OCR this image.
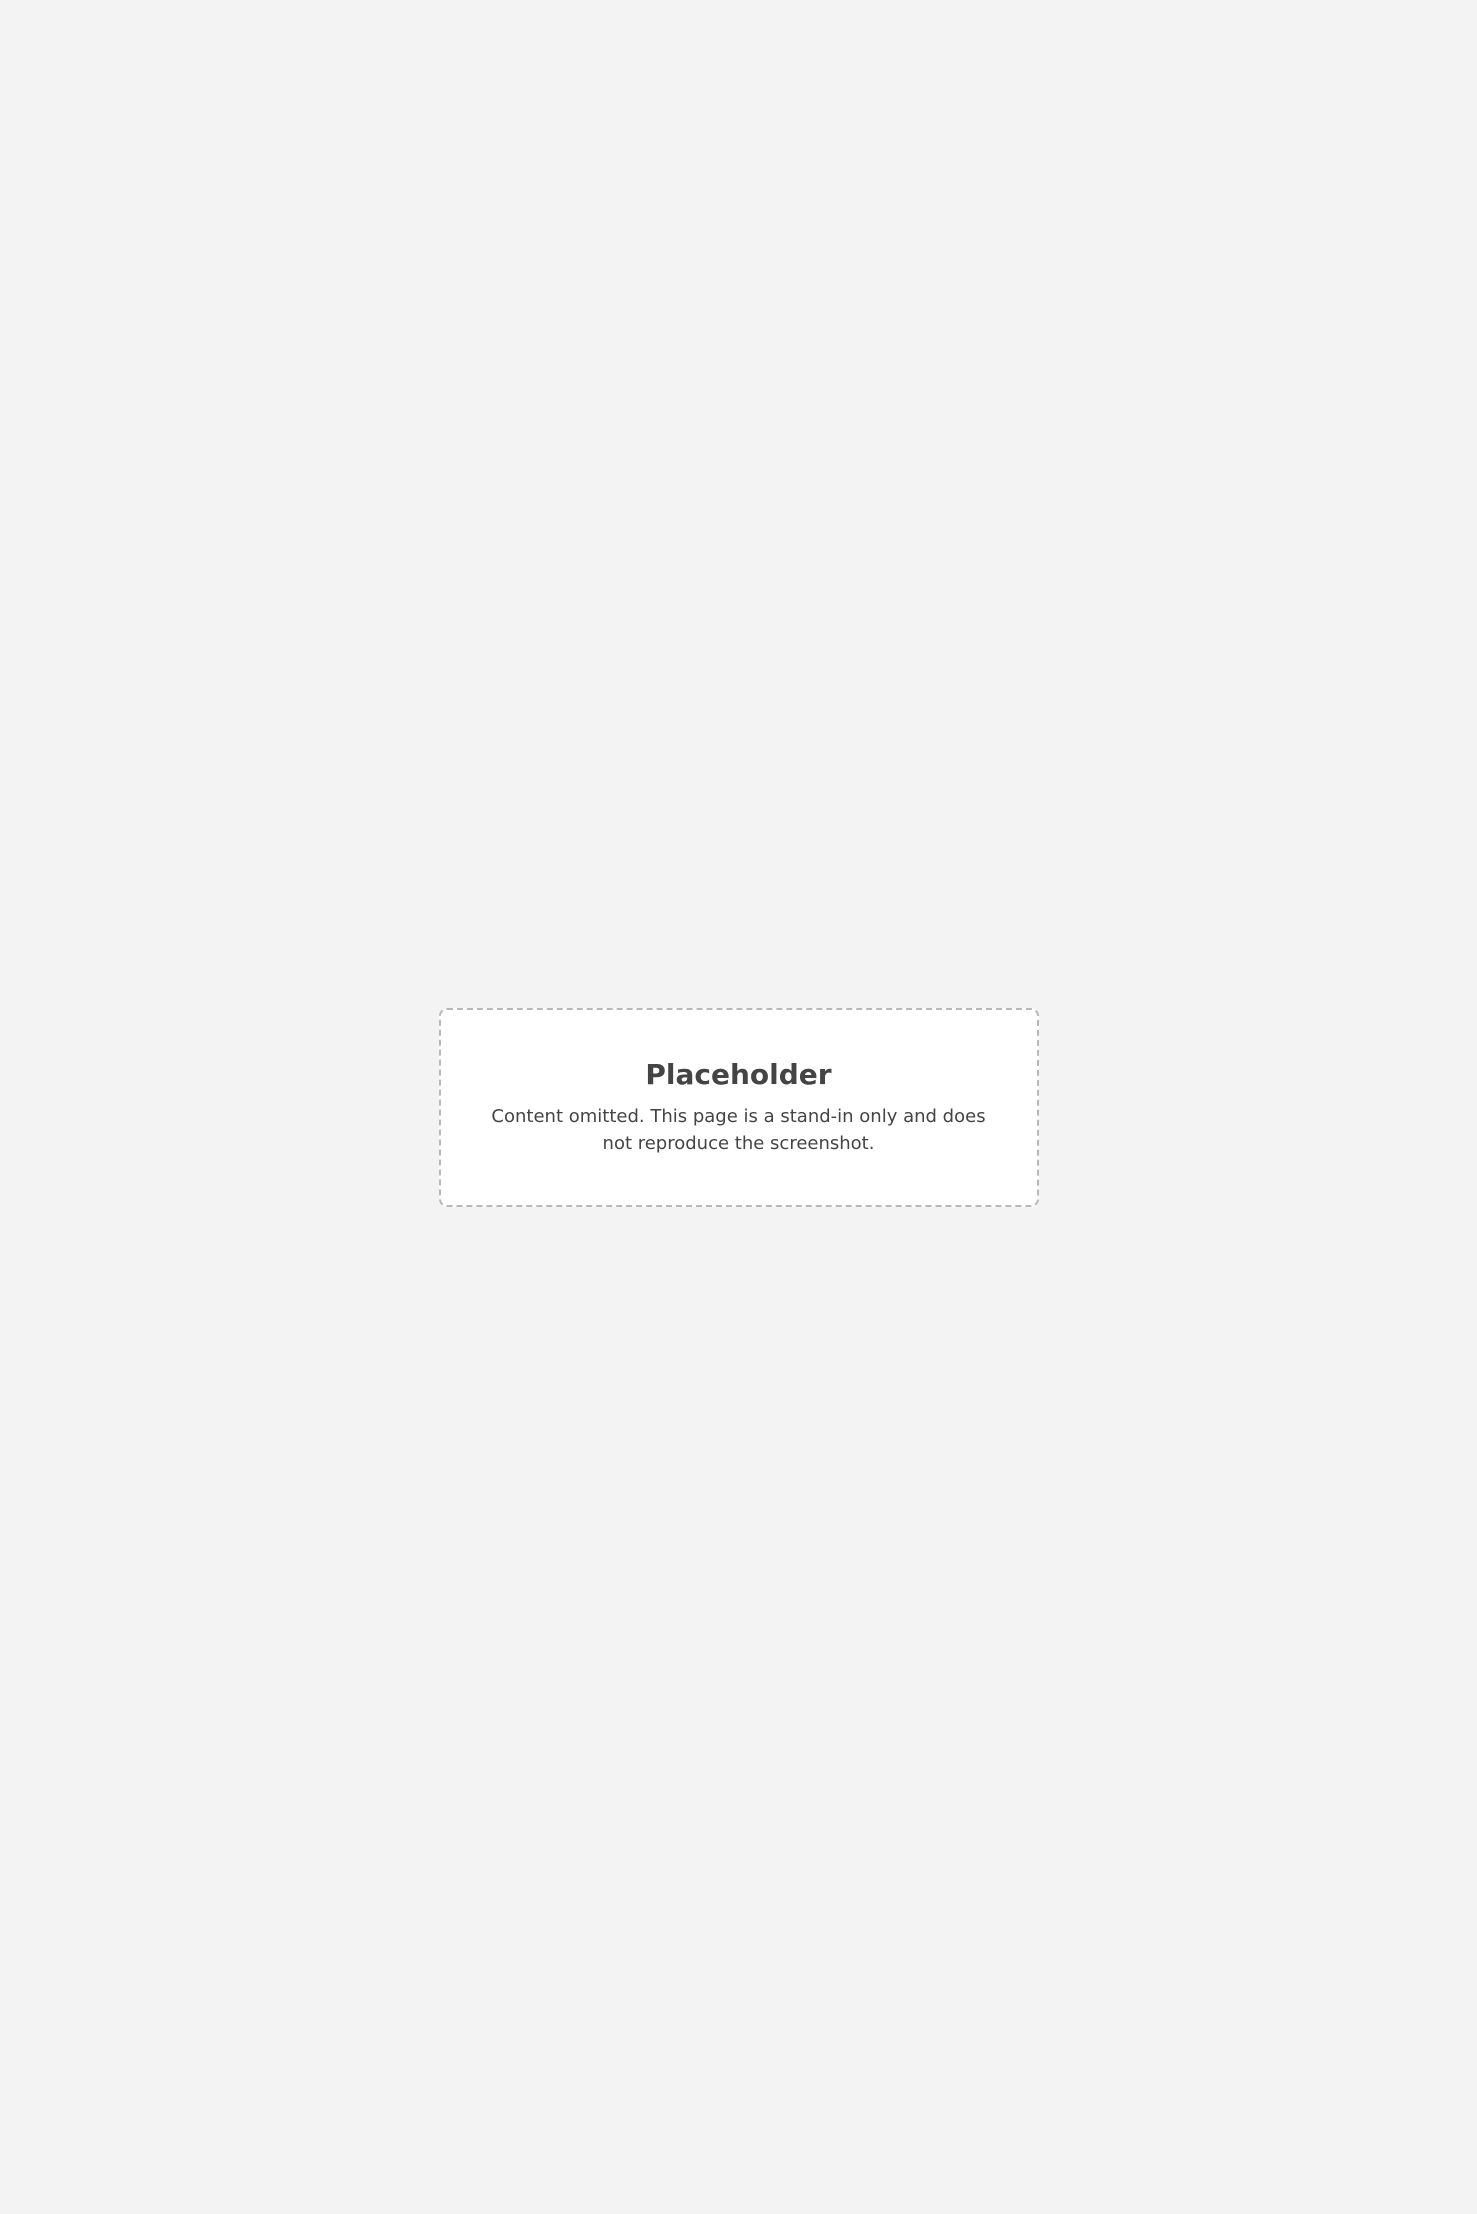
Placeholder

Content omitted. This page is a stand-in only and does not reproduce the screenshot.
